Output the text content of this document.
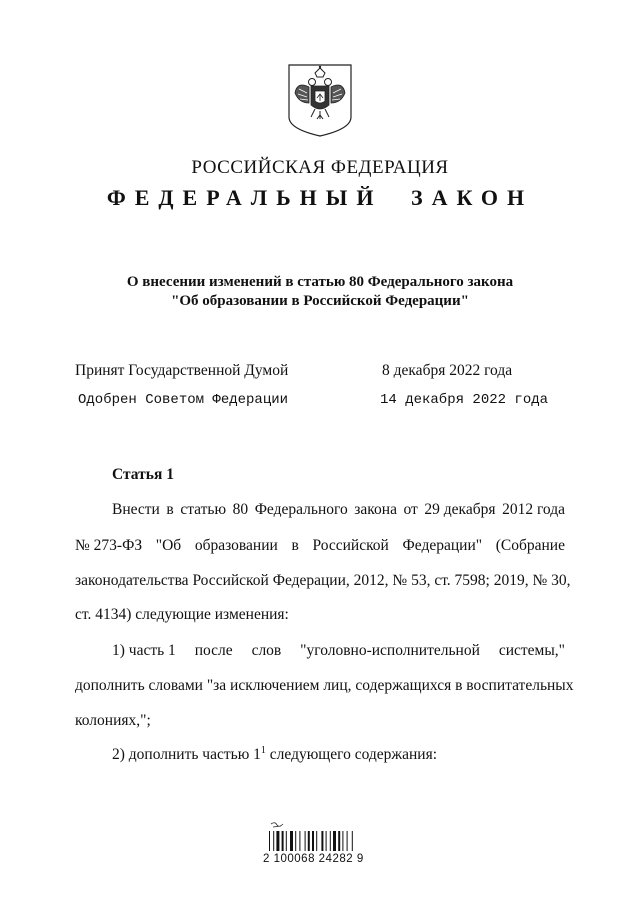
РОССИЙСКАЯ ФЕДЕРАЦИЯ
ФЕДЕРАЛЬНЫЙ ЗАКОН
О внесении изменений в статью 80 Федерального закона
"Об образовании в Российской Федерации"
Принят Государственной Думой	8 декабря 2022 года
Одобрен Советом Федерации	14 декабря 2022 года
Статья 1
Внести в статью 80 Федерального закона от 29 декабря 2012 года
№ 273-ФЗ "Об образовании в Российской Федерации" (Собрание
законодательства Российской Федерации, 2012, № 53, ст. 7598; 2019, № 30,
ст. 4134) следующие изменения:
1) часть 1 после слов "уголовно-исполнительной системы,"
дополнить словами "за исключением лиц, содержащихся в воспитательных
колониях,";
2) дополнить частью $1^1$ следующего содержания:
2 100068 24282 9
